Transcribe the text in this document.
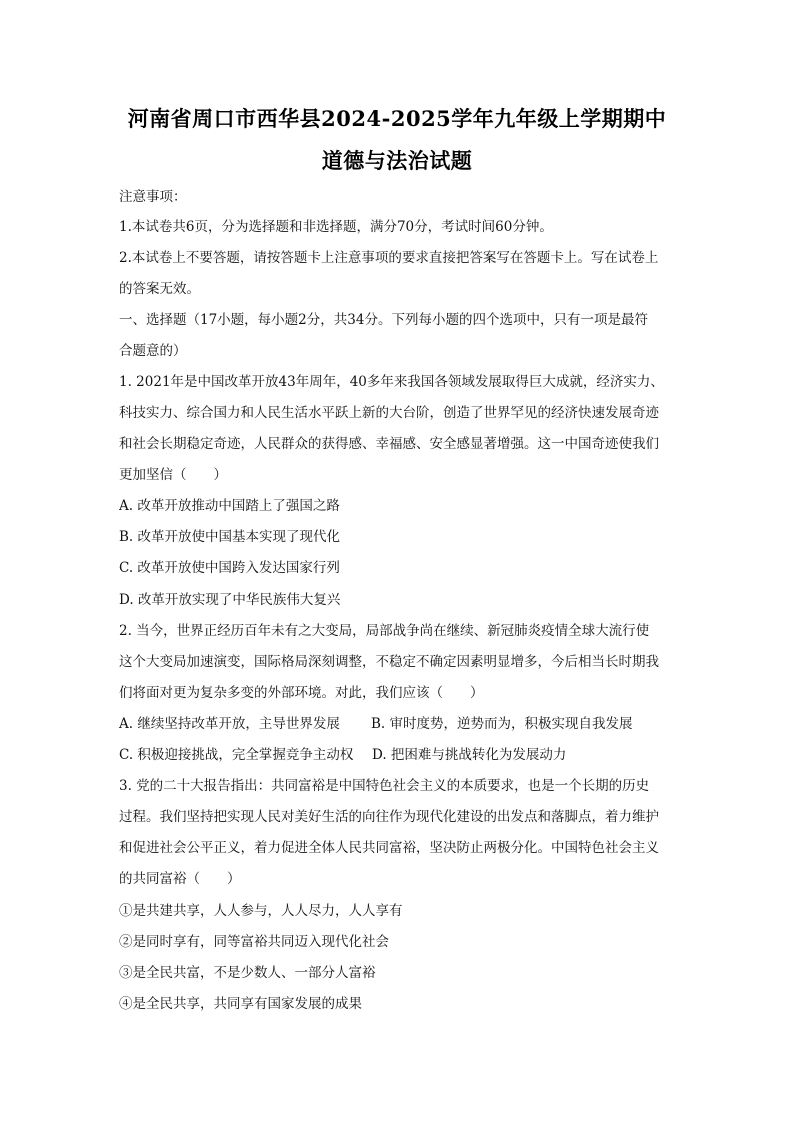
河南省周口市西华县2024-2025学年九年级上学期期中
道德与法治试题
注意事项：
1.本试卷共6页，分为选择题和非选择题，满分70分，考试时间60分钟。
2.本试卷上不要答题，请按答题卡上注意事项的要求直接把答案写在答题卡上。写在试卷上
的答案无效。
一、选择题（17小题，每小题2分，共34分。下列每小题的四个选项中，只有一项是最符
合题意的）
1. 2021年是中国改革开放43年周年，40多年来我国各领域发展取得巨大成就，经济实力、
科技实力、综合国力和人民生活水平跃上新的大台阶，创造了世界罕见的经济快速发展奇迹
和社会长期稳定奇迹，人民群众的获得感、幸福感、安全感显著增强。这一中国奇迹使我们
更加坚信（　　）
A. 改革开放推动中国踏上了强国之路
B. 改革开放使中国基本实现了现代化
C. 改革开放使中国跨入发达国家行列
D. 改革开放实现了中华民族伟大复兴
2. 当今，世界正经历百年未有之大变局，局部战争尚在继续、新冠肺炎疫情全球大流行使
这个大变局加速演变，国际格局深刻调整，不稳定不确定因素明显增多，今后相当长时期我
们将面对更为复杂多变的外部环境。对此，我们应该（　　）
A. 继续坚持改革开放，主导世界发展 B. 审时度势，逆势而为，积极实现自我发展
C. 积极迎接挑战，完全掌握竞争主动权 D. 把困难与挑战转化为发展动力
3. 党的二十大报告指出：共同富裕是中国特色社会主义的本质要求，也是一个长期的历史
过程。我们坚持把实现人民对美好生活的向往作为现代化建设的出发点和落脚点，着力维护
和促进社会公平正义，着力促进全体人民共同富裕，坚决防止两极分化。中国特色社会主义
的共同富裕（　　）
①是共建共享，人人参与，人人尽力，人人享有
②是同时享有，同等富裕共同迈入现代化社会
③是全民共富，不是少数人、一部分人富裕
④是全民共享，共同享有国家发展的成果
